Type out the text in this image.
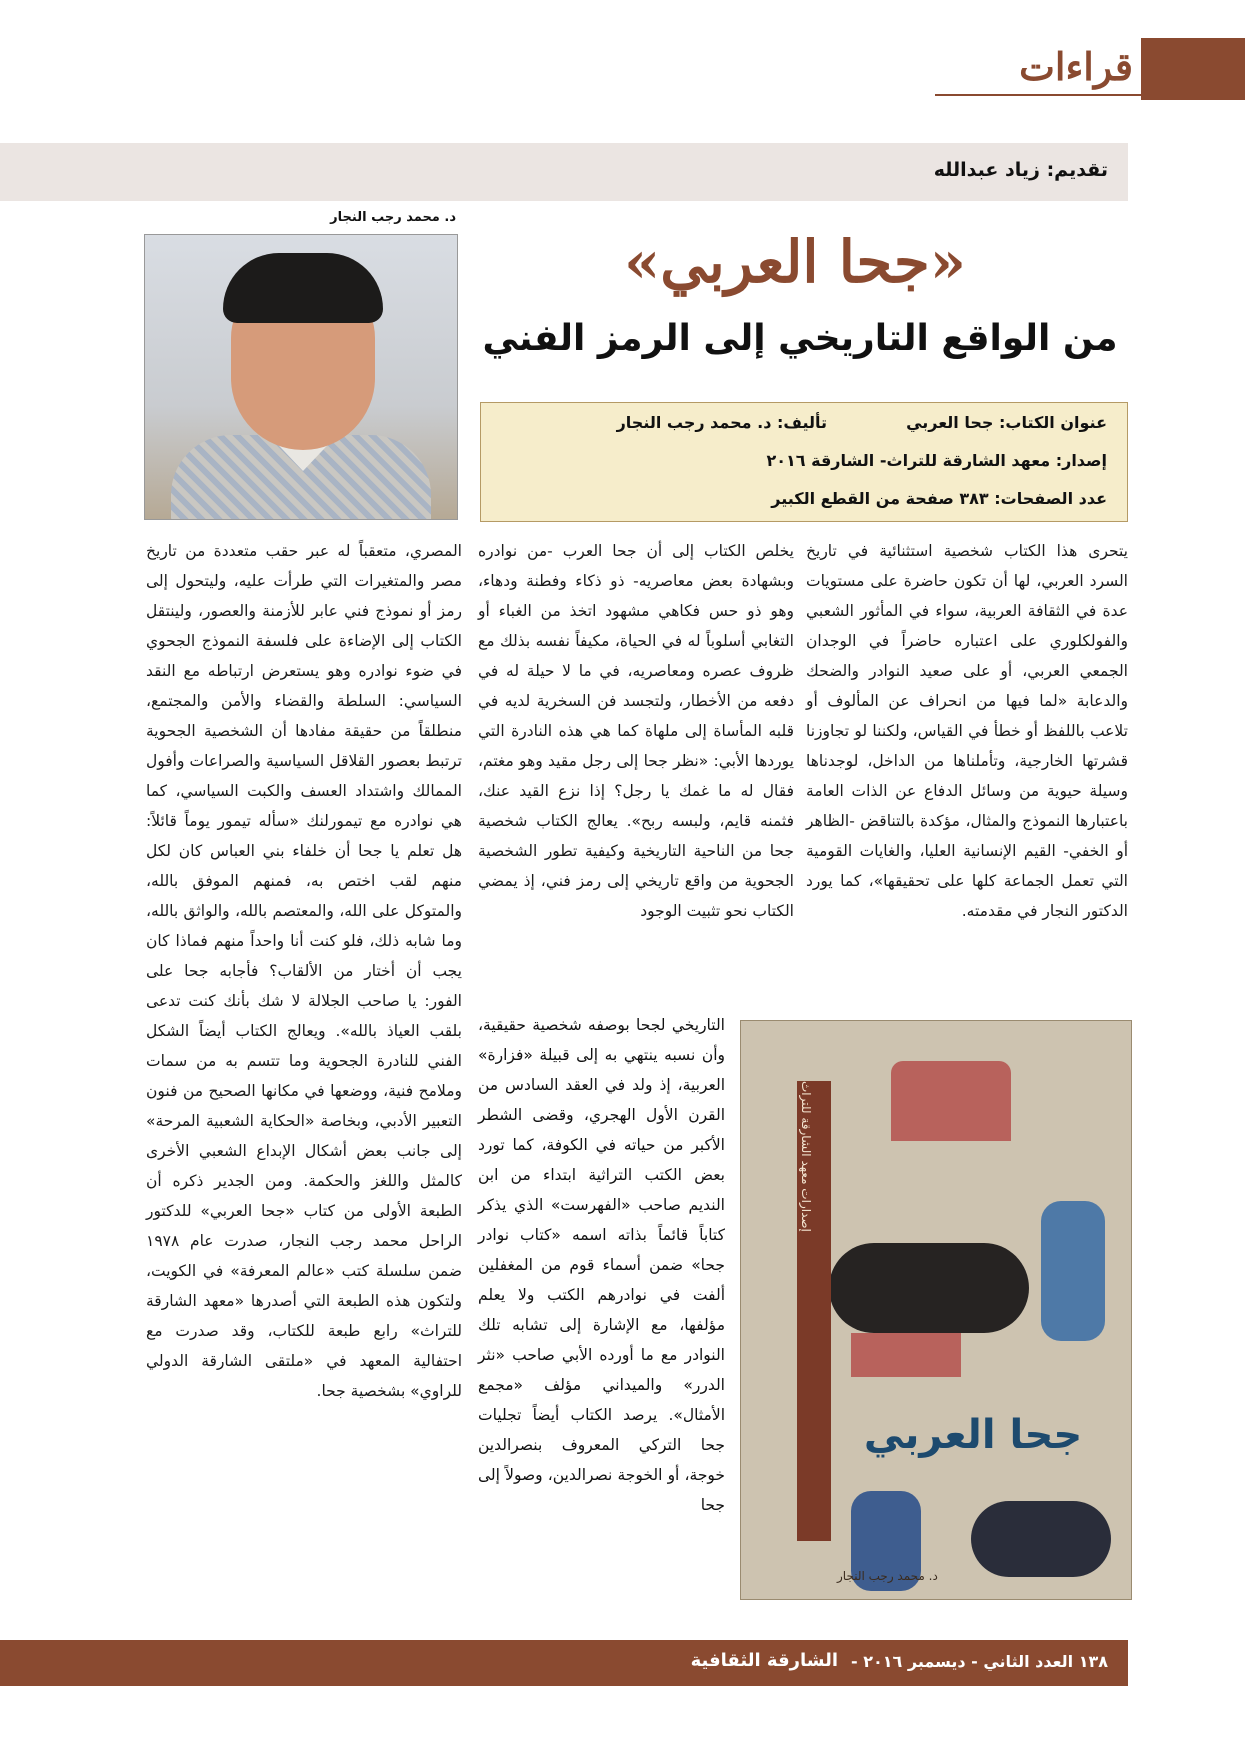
قراءات
تقديم: زياد عبدالله
د. محمد رجب النجار
«جحا العربي»
من الواقع التاريخي إلى الرمز الفني
عنوان الكتاب: جحا العربي
تأليف: د. محمد رجب النجار
إصدار: معهد الشارقة للتراث- الشارقة ٢٠١٦
عدد الصفحات: ٣٨٣ صفحة من القطع الكبير
يتحرى هذا الكتاب شخصية استثنائية في تاريخ السرد العربي، لها أن تكون حاضرة على مستويات عدة في الثقافة العربية، سواء في المأثور الشعبي والفولكلوري على اعتباره حاضراً في الوجدان الجمعي العربي، أو على صعيد النوادر والضحك والدعابة «لما فيها من انحراف عن المألوف أو تلاعب باللفظ أو خطأ في القياس، ولكننا لو تجاوزنا قشرتها الخارجية، وتأملناها من الداخل، لوجدناها وسيلة حيوية من وسائل الدفاع عن الذات العامة باعتبارها النموذج والمثال، مؤكدة بالتناقض -الظاهر أو الخفي- القيم الإنسانية العليا، والغايات القومية التي تعمل الجماعة كلها على تحقيقها»، كما يورد الدكتور النجار في مقدمته.
يخلص الكتاب إلى أن جحا العرب -من نوادره وبشهادة بعض معاصريه- ذو ذكاء وفطنة ودهاء، وهو ذو حس فكاهي مشهود اتخذ من الغباء أو التغابي أسلوباً له في الحياة، مكيفاً نفسه بذلك مع ظروف عصره ومعاصريه، في ما لا حيلة له في دفعه من الأخطار، ولتجسد فن السخرية لديه في قلبه المأساة إلى ملهاة كما هي هذه النادرة التي يوردها الأبي: «نظر جحا إلى رجل مقيد وهو مغتم، فقال له ما غمك يا رجل؟ إذا نزع القيد عنك، فثمنه قايم، ولبسه ربح». يعالج الكتاب شخصية جحا من الناحية التاريخية وكيفية تطور الشخصية الجحوية من واقع تاريخي إلى رمز فني، إذ يمضي الكتاب نحو تثبيت الوجود
التاريخي لجحا بوصفه شخصية حقيقية، وأن نسبه ينتهي به إلى قبيلة «فزارة» العربية، إذ ولد في العقد السادس من القرن الأول الهجري، وقضى الشطر الأكبر من حياته في الكوفة، كما تورد بعض الكتب التراثية ابتداء من ابن النديم صاحب «الفهرست» الذي يذكر كتاباً قائماً بذاته اسمه «كتاب نوادر جحا» ضمن أسماء قوم من المغفلين ألفت في نوادرهم الكتب ولا يعلم مؤلفها، مع الإشارة إلى تشابه تلك النوادر مع ما أورده الأبي صاحب «نثر الدرر» والميداني مؤلف «مجمع الأمثال». يرصد الكتاب أيضاً تجليات جحا التركي المعروف بنصرالدين خوجة، أو الخوجة نصرالدين، وصولاً إلى جحا
المصري، متعقباً له عبر حقب متعددة من تاريخ مصر والمتغيرات التي طرأت عليه، وليتحول إلى رمز أو نموذج فني عابر للأزمنة والعصور، ولينتقل الكتاب إلى الإضاءة على فلسفة النموذج الجحوي في ضوء نوادره وهو يستعرض ارتباطه مع النقد السياسي: السلطة والقضاء والأمن والمجتمع، منطلقاً من حقيقة مفادها أن الشخصية الجحوية ترتبط بعصور القلاقل السياسية والصراعات وأفول الممالك واشتداد العسف والكبت السياسي، كما هي نوادره مع تيمورلنك «سأله تيمور يوماً قائلاً: هل تعلم يا جحا أن خلفاء بني العباس كان لكل منهم لقب اختص به، فمنهم الموفق بالله، والمتوكل على الله، والمعتصم بالله، والواثق بالله، وما شابه ذلك، فلو كنت أنا واحداً منهم فماذا كان يجب أن أختار من الألقاب؟ فأجابه جحا على الفور: يا صاحب الجلالة لا شك بأنك كنت تدعى بلقب العياذ بالله». ويعالج الكتاب أيضاً الشكل الفني للنادرة الجحوية وما تتسم به من سمات وملامح فنية، ووضعها في مكانها الصحيح من فنون التعبير الأدبي، وبخاصة «الحكاية الشعبية المرحة» إلى جانب بعض أشكال الإبداع الشعبي الأخرى كالمثل واللغز والحكمة. ومن الجدير ذكره أن الطبعة الأولى من كتاب «جحا العربي» للدكتور الراحل محمد رجب النجار، صدرت عام ١٩٧٨ ضمن سلسلة كتب «عالم المعرفة» في الكويت، ولتكون هذه الطبعة التي أصدرها «معهد الشارقة للتراث» رابع طبعة للكتاب، وقد صدرت مع احتفالية المعهد في «ملتقى الشارقة الدولي للراوي» بشخصية جحا.
إصدارات معهد الشارقة للتراث
جحا العربي
د. محمد رجب النجار
١٣٨ العدد الثاني - ديسمبر ٢٠١٦ -
الشارقة الثقافية
